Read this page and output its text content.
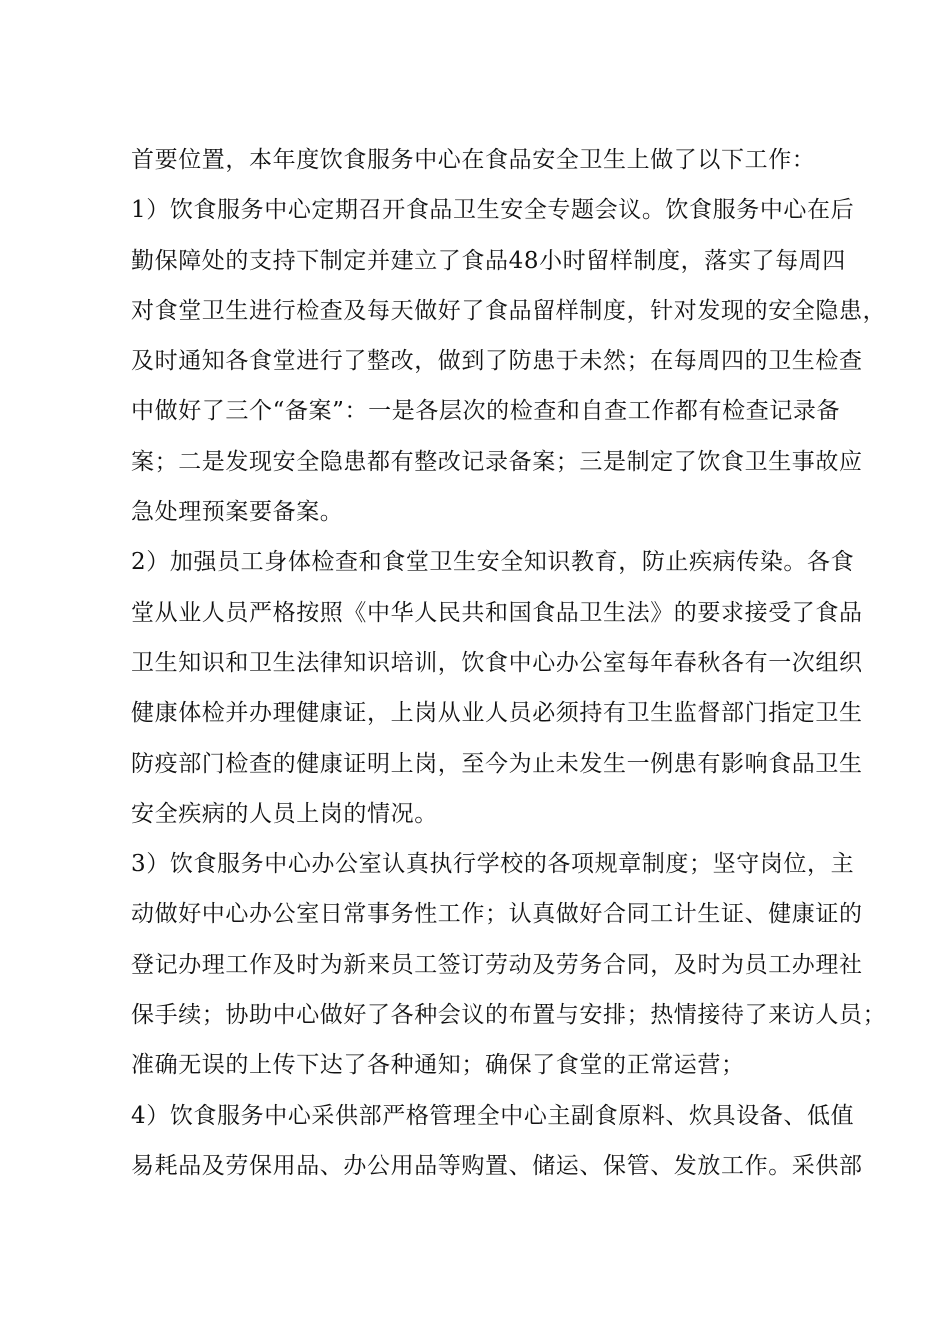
首要位置，本年度饮食服务中心在食品安全卫生上做了以下工作：
1）饮食服务中心定期召开食品卫生安全专题会议。饮食服务中心在后
勤保障处的支持下制定并建立了食品48小时留样制度，落实了每周四
对食堂卫生进行检查及每天做好了食品留样制度，针对发现的安全隐患，
及时通知各食堂进行了整改，做到了防患于未然；在每周四的卫生检查
中做好了三个“备案”：一是各层次的检查和自查工作都有检查记录备
案；二是发现安全隐患都有整改记录备案；三是制定了饮食卫生事故应
急处理预案要备案。
2）加强员工身体检查和食堂卫生安全知识教育，防止疾病传染。各食
堂从业人员严格按照《中华人民共和国食品卫生法》的要求接受了食品
卫生知识和卫生法律知识培训，饮食中心办公室每年春秋各有一次组织
健康体检并办理健康证，上岗从业人员必须持有卫生监督部门指定卫生
防疫部门检查的健康证明上岗，至今为止未发生一例患有影响食品卫生
安全疾病的人员上岗的情况。
3）饮食服务中心办公室认真执行学校的各项规章制度；坚守岗位，主
动做好中心办公室日常事务性工作；认真做好合同工计生证、健康证的
登记办理工作及时为新来员工签订劳动及劳务合同，及时为员工办理社
保手续；协助中心做好了各种会议的布置与安排；热情接待了来访人员；
准确无误的上传下达了各种通知；确保了食堂的正常运营；
4）饮食服务中心采供部严格管理全中心主副食原料、炊具设备、低值
易耗品及劳保用品、办公用品等购置、储运、保管、发放工作。采供部
